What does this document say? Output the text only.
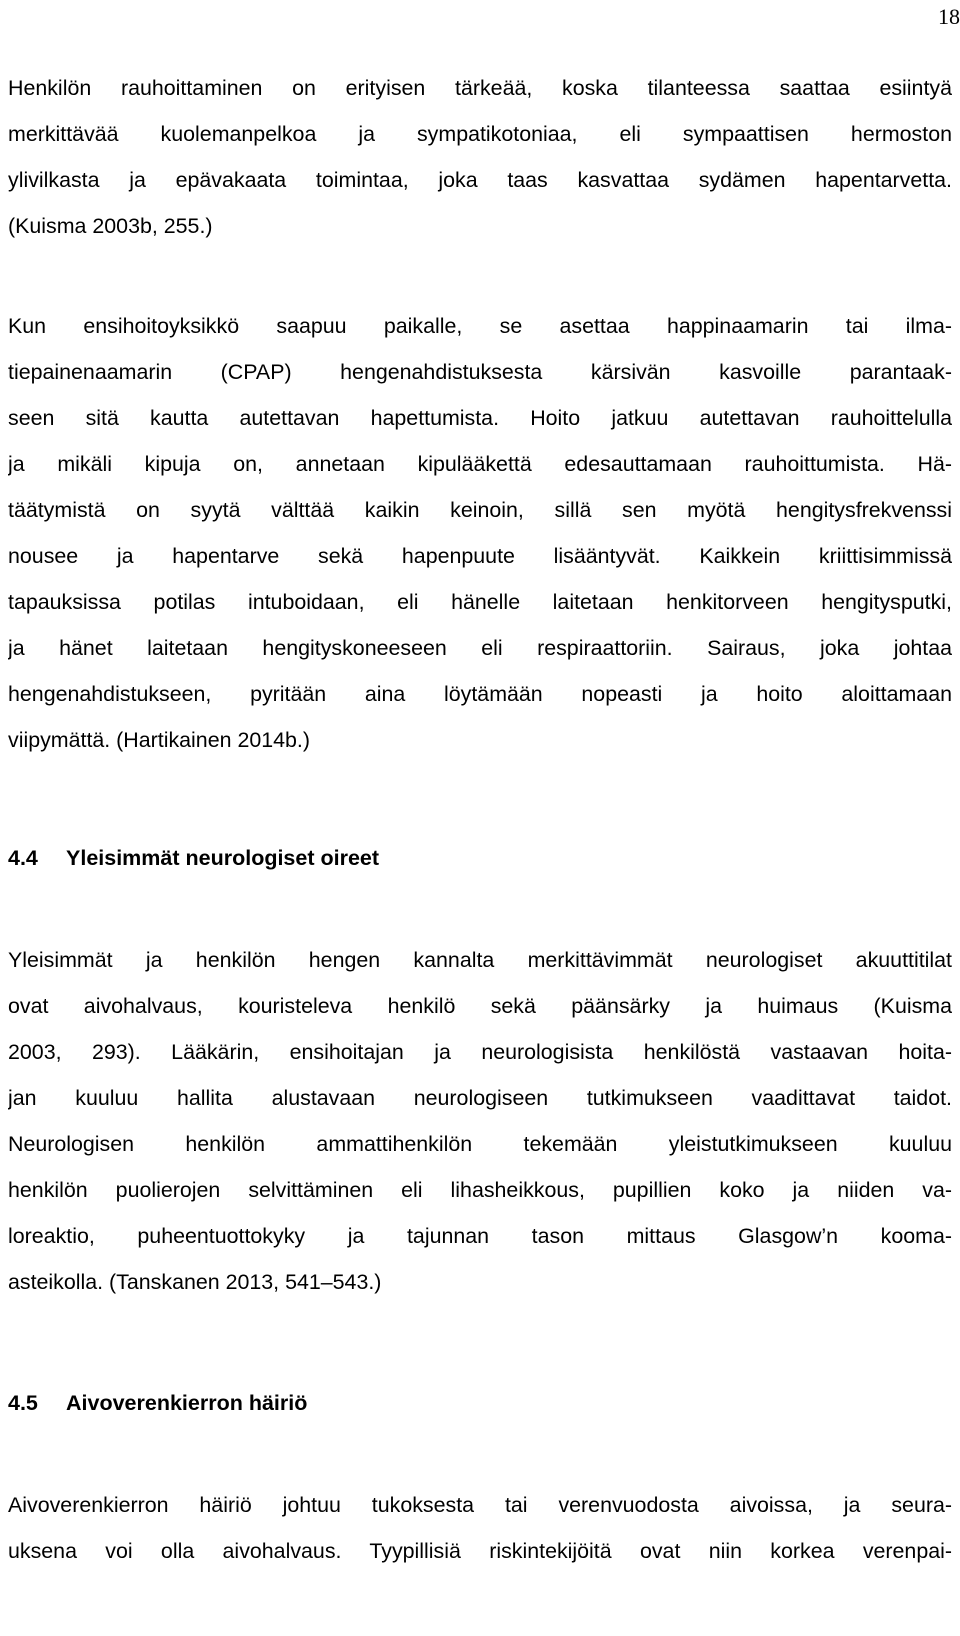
18
Henkilön rauhoittaminen on erityisen tärkeää, koska tilanteessa saattaa esiintyä
merkittävää kuolemanpelkoa ja sympatikotoniaa, eli sympaattisen hermoston
ylivilkasta ja epävakaata toimintaa, joka taas kasvattaa sydämen hapentarvetta.
(Kuisma 2003b, 255.)
Kun ensihoitoyksikkö saapuu paikalle, se asettaa happinaamarin tai ilma-
tiepainenaamarin (CPAP) hengenahdistuksesta kärsivän kasvoille parantaak-
seen sitä kautta autettavan hapettumista. Hoito jatkuu autettavan rauhoittelulla
ja mikäli kipuja on, annetaan kipulääkettä edesauttamaan rauhoittumista. Hä-
täätymistä on syytä välttää kaikin keinoin, sillä sen myötä hengitysfrekvenssi
nousee ja hapentarve sekä hapenpuute lisääntyvät. Kaikkein kriittisimmissä
tapauksissa potilas intuboidaan, eli hänelle laitetaan henkitorveen hengitysputki,
ja hänet laitetaan hengityskoneeseen eli respiraattoriin. Sairaus, joka johtaa
hengenahdistukseen, pyritään aina löytämään nopeasti ja hoito aloittamaan
viipymättä. (Hartikainen 2014b.)
4.4 Yleisimmät neurologiset oireet
Yleisimmät ja henkilön hengen kannalta merkittävimmät neurologiset akuuttitilat
ovat aivohalvaus, kouristeleva henkilö sekä päänsärky ja huimaus (Kuisma
2003, 293). Lääkärin, ensihoitajan ja neurologisista henkilöstä vastaavan hoita-
jan kuuluu hallita alustavaan neurologiseen tutkimukseen vaadittavat taidot.
Neurologisen henkilön ammattihenkilön tekemään yleistutkimukseen kuuluu
henkilön puolierojen selvittäminen eli lihasheikkous, pupillien koko ja niiden va-
loreaktio, puheentuottokyky ja tajunnan tason mittaus Glasgow’n kooma-
asteikolla. (Tanskanen 2013, 541–543.)
4.5 Aivoverenkierron häiriö
Aivoverenkierron häiriö johtuu tukoksesta tai verenvuodosta aivoissa, ja seura-
uksena voi olla aivohalvaus. Tyypillisiä riskintekijöitä ovat niin korkea verenpai-
